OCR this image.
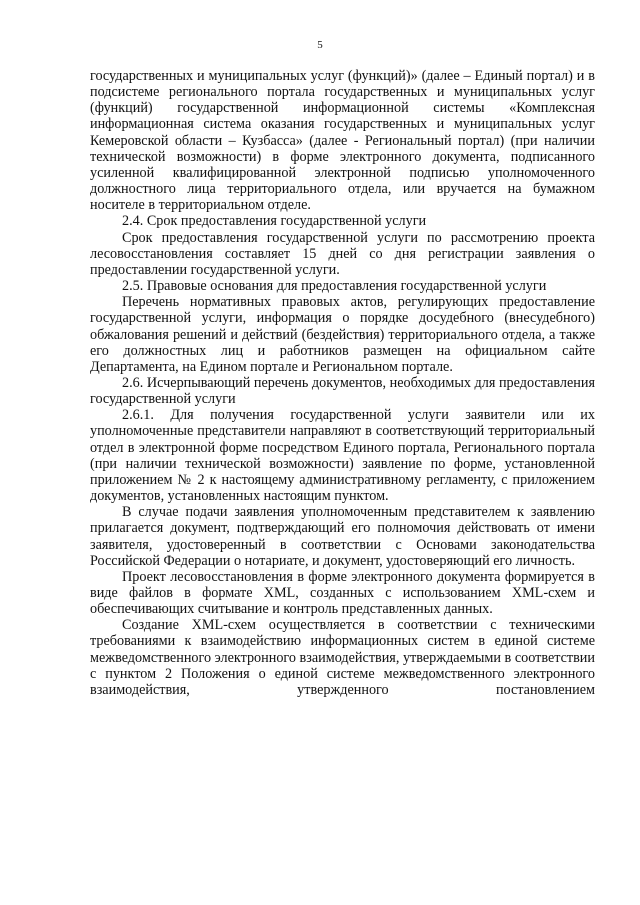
5

государственных и муниципальных услуг (функций)» (далее – Единый портал) и в подсистеме регионального портала государственных и муниципальных услуг (функций) государственной информационной системы «Комплексная информационная система оказания государственных и муниципальных услуг Кемеровской области – Кузбасса» (далее - Региональный портал) (при наличии технической возможности) в форме электронного документа, подписанного усиленной квалифицированной электронной подписью уполномоченного должностного лица территориального отдела, или вручается на бумажном носителе в территориальном отделе.

2.4. Срок предоставления государственной услуги

Срок предоставления государственной услуги по рассмотрению проекта лесовосстановления составляет 15 дней со дня регистрации заявления о предоставлении государственной услуги.

2.5. Правовые основания для предоставления государственной услуги

Перечень нормативных правовых актов, регулирующих предоставление государственной услуги, информация о порядке досудебного (внесудебного) обжалования решений и действий (бездействия) территориального отдела, а также его должностных лиц и работников размещен на официальном сайте Департамента, на Едином портале и Региональном портале.

2.6. Исчерпывающий перечень документов, необходимых для предоставления государственной услуги

2.6.1. Для получения государственной услуги заявители или их уполномоченные представители направляют в соответствующий территориальный отдел в электронной форме посредством Единого портала, Регионального портала (при наличии технической возможности) заявление по форме, установленной приложением № 2 к настоящему административному регламенту, с приложением документов, установленных настоящим пунктом.

В случае подачи заявления уполномоченным представителем к заявлению прилагается документ, подтверждающий его полномочия действовать от имени заявителя, удостоверенный в соответствии с Основами законодательства Российской Федерации о нотариате, и документ, удостоверяющий его личность.

Проект лесовосстановления в форме электронного документа формируется в виде файлов в формате XML, созданных с использованием XML-схем и обеспечивающих считывание и контроль представленных данных.

Создание XML-схем осуществляется в соответствии с техническими требованиями к взаимодействию информационных систем в единой системе межведомственного электронного взаимодействия, утверждаемыми в соответствии с пунктом 2 Положения о единой системе межведомственного электронного взаимодействия, утвержденного постановлением
